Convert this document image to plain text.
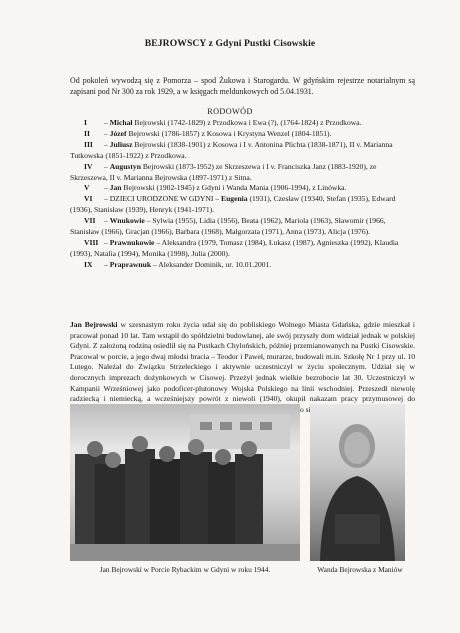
BEJROWSCY z Gdyni Pustki Cisowskie
Od pokoleń wywodzą się z Pomorza – spod Żukowa i Starogardu. W gdyńskim rejestrze notarialnym są zapisani pod Nr 300 za rok 1929, a w księgach meldunkowych od 5.04.1931.
RODOWÓD

I – Michał Bejrowski (1742-1829) z Przodkowa i Ewa (?), (1764-1824) z Przodkowa.

II – Józef Bejrowski (1786-1857) z Kosowa i Krystyna Wenzel (1804-1851).

III – Juliusz Bejrowski (1838-1901) z Kosowa i I v. Antonina Plichta (1838-1871), II v. Marianna Tutkowska (1851-1922) z Przodkowa.

IV – Augustyn Bejrowski (1873-1952) ze Skrzeszewa i I v. Franciszka Janz (1883-1920), ze Skrzeszewa, II v. Marianna Bejrowska (1897-1971) z Sitna.

V – Jan Bejrowski (1902-1945) z Gdyni i Wanda Mania (1906-1994), z Linówka.

VI – DZIECI URODZONE W GDYNI – Eugenia (1931), Czesław (19340, Stefan (1935), Edward (1936), Stanisław (1939), Henryk (1941-1971).

VII – Wnukowie – Sylwia (1955), Lidia (1956), Beata (1962), Mariola (1963), Sławomir (1966, Stanisław (1966), Gracjan (1966), Barbara (1968), Małgorzata (1971), Anna (1973), Alicja (1976).

VIII – Prawnukowie – Aleksandra (1979, Tomasz (1984), Łukasz (1987), Agnieszka (1992), Klaudia (1993), Natalia (1994), Monika (1998), Julia (2000).

IX – Praprawnuk – Aleksander Dominik, ur. 10.01.2001.

Jan Bejrowski w szesnastym roku życia udał się do pobliskiego Wolnego Miasta Gdańska, gdzie mieszkał i pracował ponad 10 lat. Tam wstąpił do spółdzielni budowlanej, ale swój przyszły dom widział jednak w polskiej Gdyni. Z założoną rodziną osiedlił się na Pustkach Chylońskich, później przemianowanych na Pustki Cisowskie. Pracował w porcie, a jego dwaj młodsi bracia – Teodor i Paweł, murarze, budowali m.in. Szkołę Nr 1 przy ul. 10 Lutego. Należał do Związku Strzeleckiego i aktywnie uczestniczył w życiu społecznym. Udział się w dorocznych imprezach dożynkowych w Cisowej. Przeżył jednak wielkie bezrobocie lat 30. Uczestniczył w Kampanii Wrześniowej jako podoficer-plutonowy Wojska Polskiego na linii wschodniej. Przeszedł niewolę radziecką i niemiecką, a wcześniejszy powrót z niewoli (1940), okupił nakazam pracy przymusowej do
Jan Bejrowski w Porcie Rybackim w Gdyni w roku 1944.	Wanda Bejrowska z Maniów
